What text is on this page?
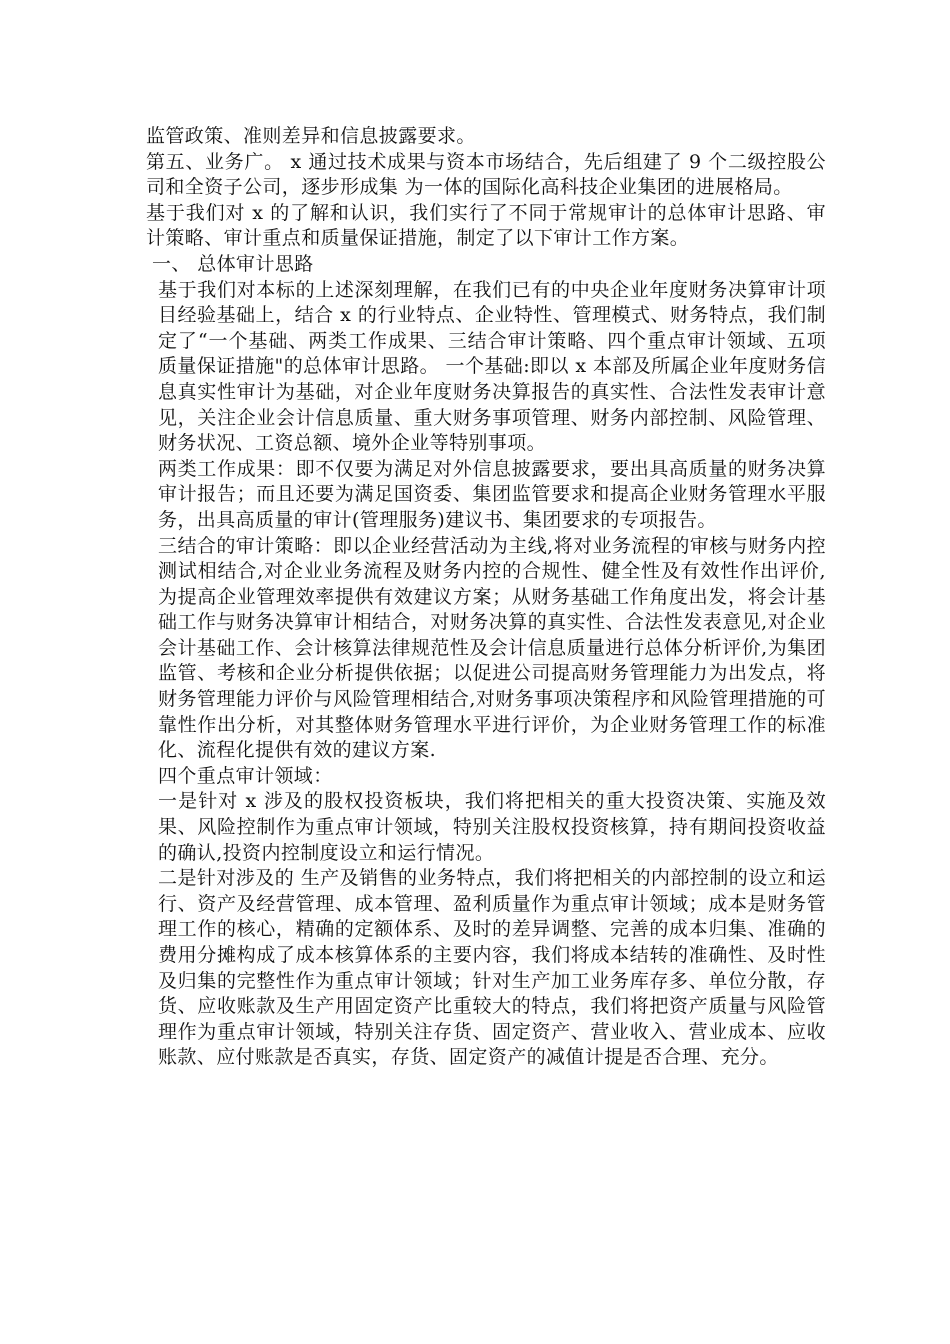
监管政策、准则差异和信息披露要求。

第五、业务广。 x 通过技术成果与资本市场结合，先后组建了 9 个二级控股公司和全资子公司，逐步形成集 为一体的国际化高科技企业集团的进展格局。

基于我们对 x 的了解和认识，我们实行了不同于常规审计的总体审计思路、审计策略、审计重点和质量保证措施，制定了以下审计工作方案。

一、 总体审计思路

基于我们对本标的上述深刻理解，在我们已有的中央企业年度财务决算审计项目经验基础上，结合 x 的行业特点、企业特性、管理模式、财务特点，我们制定了“一个基础、两类工作成果、三结合审计策略、四个重点审计领域、五项质量保证措施"的总体审计思路。 一个基础:即以 x 本部及所属企业年度财务信息真实性审计为基础，对企业年度财务决算报告的真实性、合法性发表审计意见，关注企业会计信息质量、重大财务事项管理、财务内部控制、风险管理、财务状况、工资总额、境外企业等特别事项。

两类工作成果：即不仅要为满足对外信息披露要求，要出具高质量的财务决算审计报告；而且还要为满足国资委、集团监管要求和提高企业财务管理水平服务，出具高质量的审计(管理服务)建议书、集团要求的专项报告。

三结合的审计策略：即以企业经营活动为主线,将对业务流程的审核与财务内控测试相结合,对企业业务流程及财务内控的合规性、健全性及有效性作出评价,为提高企业管理效率提供有效建议方案；从财务基础工作角度出发，将会计基础工作与财务决算审计相结合，对财务决算的真实性、合法性发表意见,对企业会计基础工作、会计核算法律规范性及会计信息质量进行总体分析评价,为集团监管、考核和企业分析提供依据；以促进公司提高财务管理能力为出发点，将财务管理能力评价与风险管理相结合,对财务事项决策程序和风险管理措施的可靠性作出分析，对其整体财务管理水平进行评价，为企业财务管理工作的标准化、流程化提供有效的建议方案.

四个重点审计领域：

一是针对 x 涉及的股权投资板块，我们将把相关的重大投资决策、实施及效果、风险控制作为重点审计领域，特别关注股权投资核算，持有期间投资收益的确认,投资内控制度设立和运行情况。

二是针对涉及的 生产及销售的业务特点，我们将把相关的内部控制的设立和运行、资产及经营管理、成本管理、盈利质量作为重点审计领域；成本是财务管理工作的核心，精确的定额体系、及时的差异调整、完善的成本归集、准确的费用分摊构成了成本核算体系的主要内容，我们将成本结转的准确性、及时性及归集的完整性作为重点审计领域；针对生产加工业务库存多、单位分散，存货、应收账款及生产用固定资产比重较大的特点，我们将把资产质量与风险管理作为重点审计领域，特别关注存货、固定资产、营业收入、营业成本、应收账款、应付账款是否真实，存货、固定资产的减值计提是否合理、充分。
